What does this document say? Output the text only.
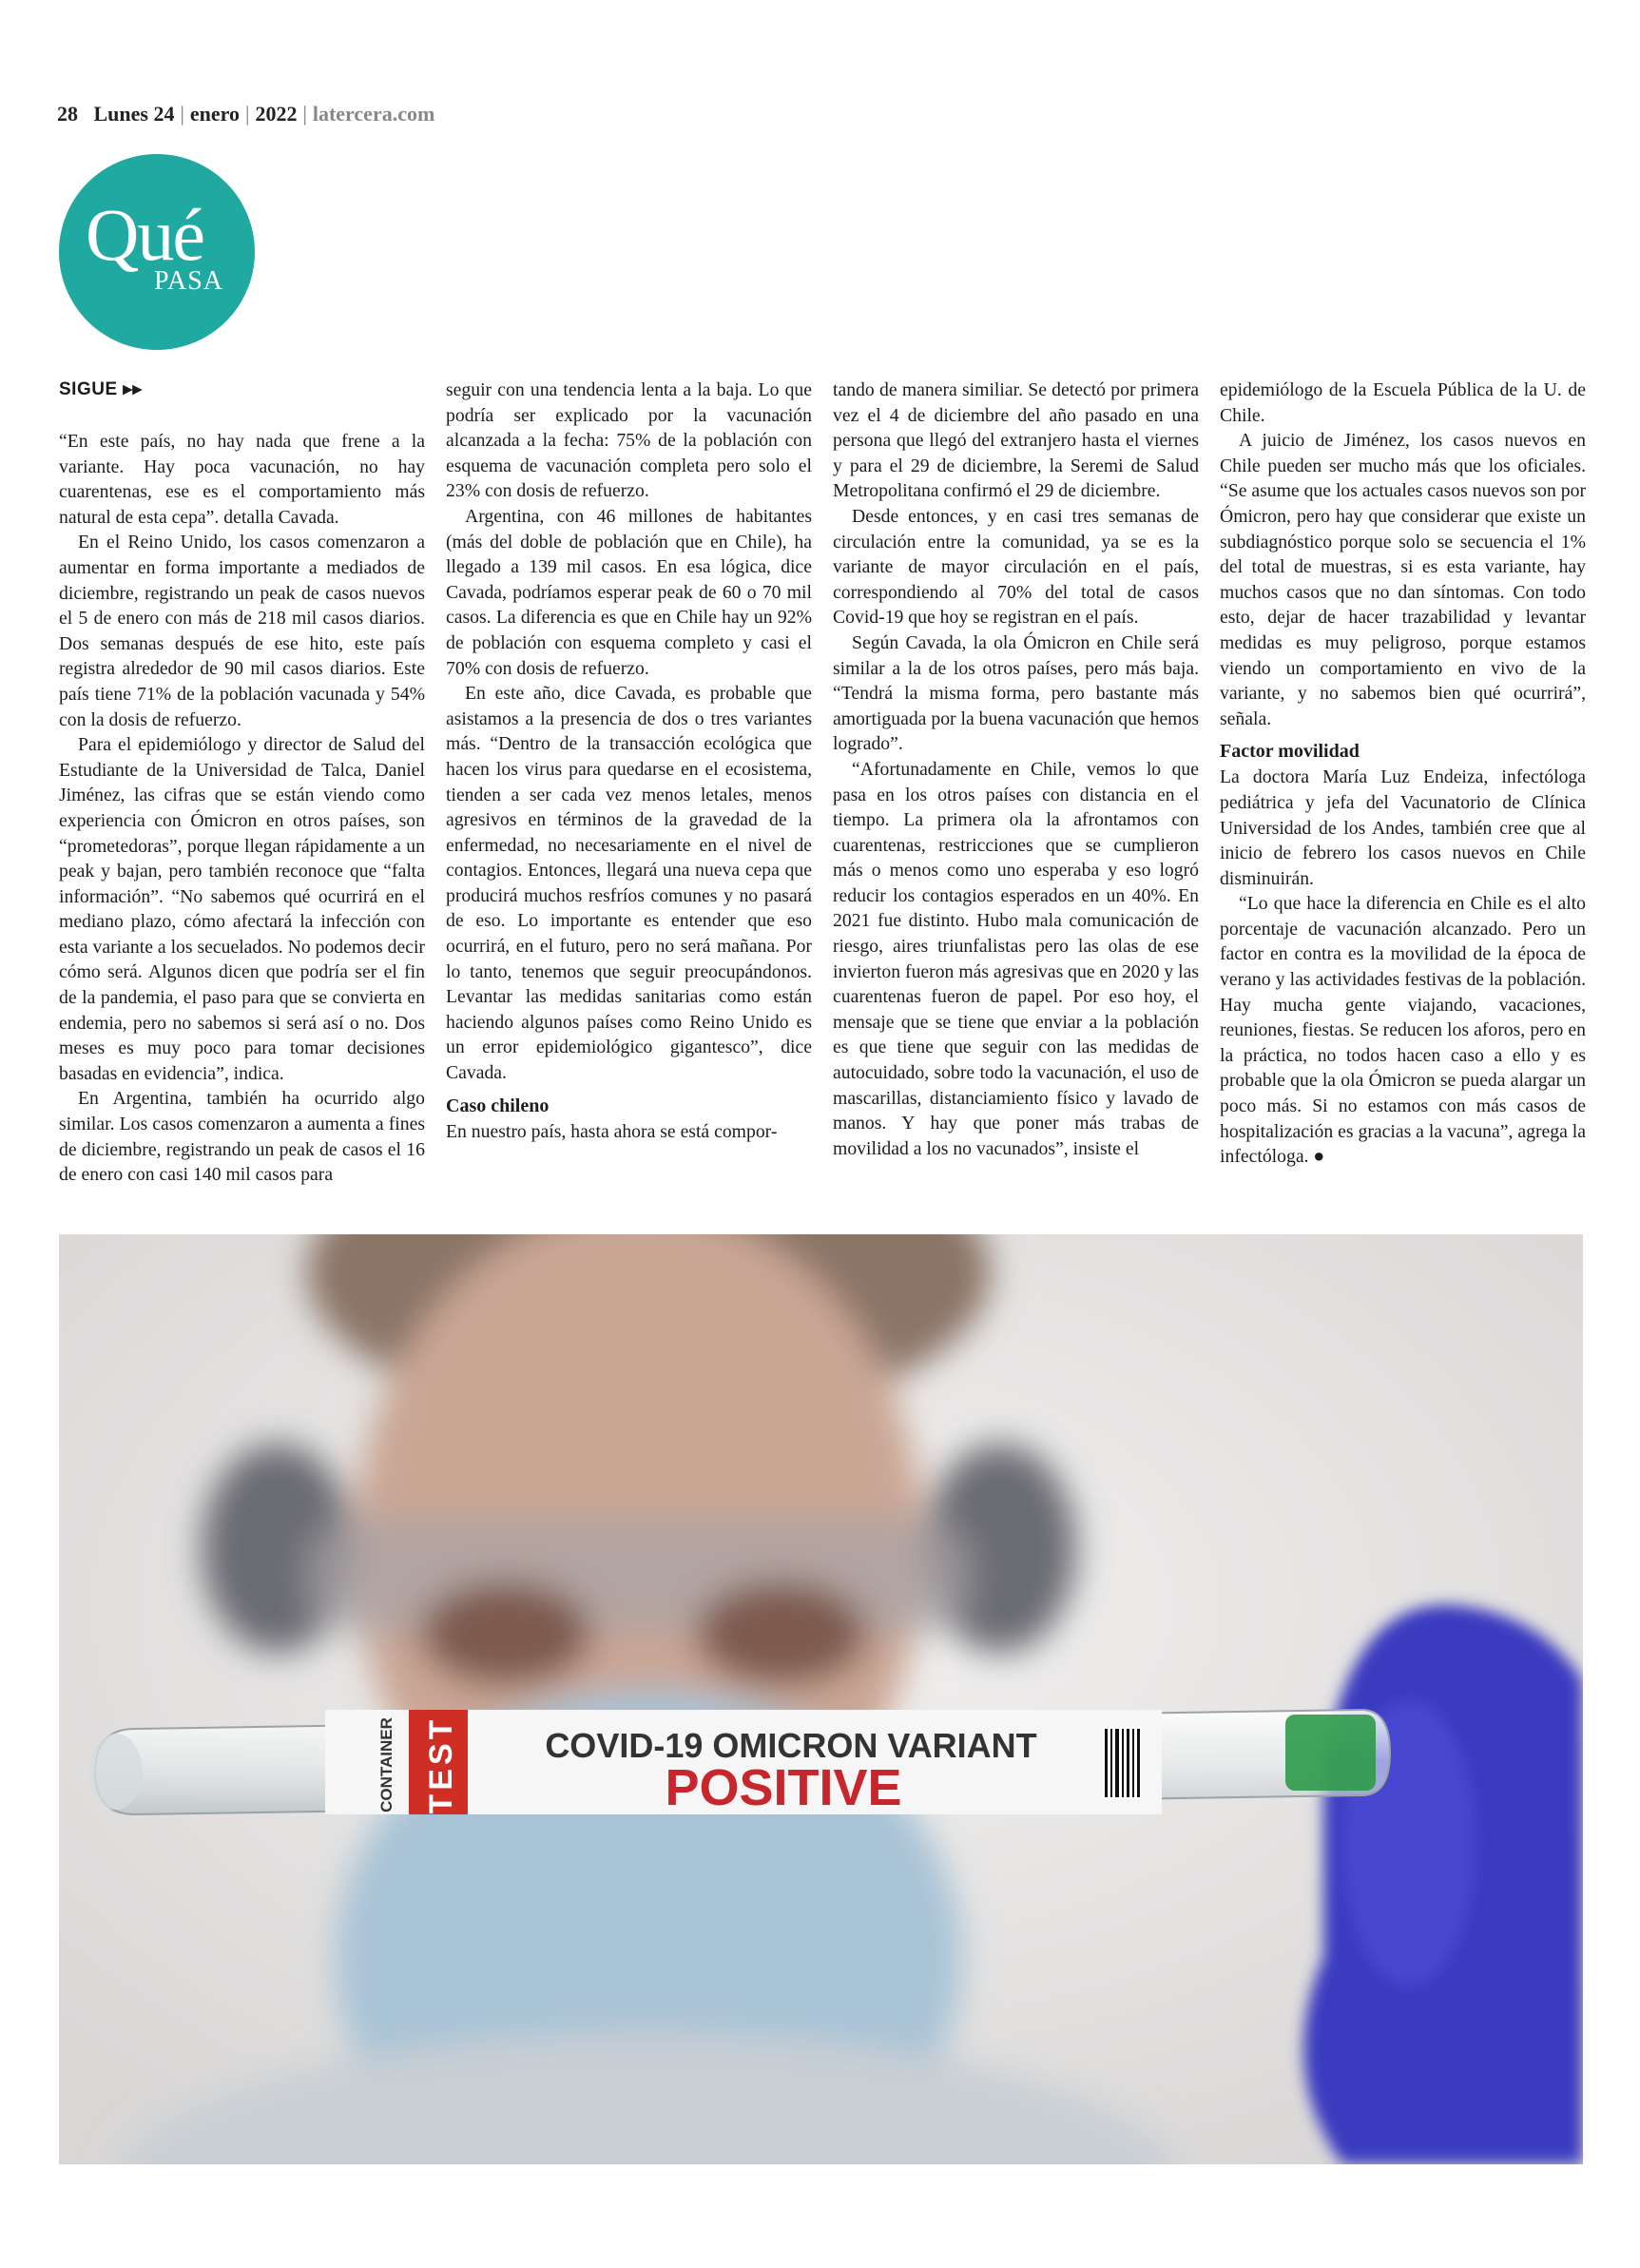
28 Lunes 24 | enero | 2022 | latercera.com
Qué
PASA
SIGUE ▸▸

“En este país, no hay nada que frene a la variante. Hay poca vacunación, no hay cuarentenas, ese es el comportamiento más natural de esta cepa”. detalla Cavada.

En el Reino Unido, los casos comenzaron a aumentar en forma importante a mediados de diciembre, registrando un peak de casos nuevos el 5 de enero con más de 218 mil casos diarios. Dos semanas después de ese hito, este país registra alrededor de 90 mil casos diarios. Este país tiene 71% de la población vacunada y 54% con la dosis de refuerzo.

Para el epidemiólogo y director de Salud del Estudiante de la Universidad de Talca, Daniel Jiménez, las cifras que se están viendo como experiencia con Ómicron en otros países, son “prometedoras”, porque llegan rápidamente a un peak y bajan, pero también reconoce que “falta información”. “No sabemos qué ocurrirá en el mediano plazo, cómo afectará la infección con esta variante a los secuelados. No podemos decir cómo será. Algunos dicen que podría ser el fin de la pandemia, el paso para que se convierta en endemia, pero no sabemos si será así o no. Dos meses es muy poco para tomar decisiones basadas en evidencia”, indica.

En Argentina, también ha ocurrido algo similar. Los casos comenzaron a aumenta a fines de diciembre, registrando un peak de casos el 16 de enero con casi 140 mil casos para

seguir con una tendencia lenta a la baja. Lo que podría ser explicado por la vacunación alcanzada a la fecha: 75% de la población con esquema de vacunación completa pero solo el 23% con dosis de refuerzo.

Argentina, con 46 millones de habitantes (más del doble de población que en Chile), ha llegado a 139 mil casos. En esa lógica, dice Cavada, podríamos esperar peak de 60 o 70 mil casos. La diferencia es que en Chile hay un 92% de población con esquema completo y casi el 70% con dosis de refuerzo.

En este año, dice Cavada, es probable que asistamos a la presencia de dos o tres variantes más. “Dentro de la transacción ecológica que hacen los virus para quedarse en el ecosistema, tienden a ser cada vez menos letales, menos agresivos en términos de la gravedad de la enfermedad, no necesariamente en el nivel de contagios. Entonces, llegará una nueva cepa que producirá muchos resfríos comunes y no pasará de eso. Lo importante es entender que eso ocurrirá, en el futuro, pero no será mañana. Por lo tanto, tenemos que seguir preocupándonos. Levantar las medidas sanitarias como están haciendo algunos países como Reino Unido es un error epidemiológico gigantesco”, dice Cavada.

Caso chileno

En nuestro país, hasta ahora se está compor-

tando de manera similiar. Se detectó por primera vez el 4 de diciembre del año pasado en una persona que llegó del extranjero hasta el viernes y para el 29 de diciembre, la Seremi de Salud Metropolitana confirmó el 29 de diciembre.

Desde entonces, y en casi tres semanas de circulación entre la comunidad, ya se es la variante de mayor circulación en el país, correspondiendo al 70% del total de casos Covid-19 que hoy se registran en el país.

Según Cavada, la ola Ómicron en Chile será similar a la de los otros países, pero más baja. “Tendrá la misma forma, pero bastante más amortiguada por la buena vacunación que hemos logrado”.

“Afortunadamente en Chile, vemos lo que pasa en los otros países con distancia en el tiempo. La primera ola la afrontamos con cuarentenas, restricciones que se cumplieron más o menos como uno esperaba y eso logró reducir los contagios esperados en un 40%. En 2021 fue distinto. Hubo mala comunicación de riesgo, aires triunfalistas pero las olas de ese invierton fueron más agresivas que en 2020 y las cuarentenas fueron de papel. Por eso hoy, el mensaje que se tiene que enviar a la población es que tiene que seguir con las medidas de autocuidado, sobre todo la vacunación, el uso de mascarillas, distanciamiento físico y lavado de manos. Y hay que poner más trabas de movilidad a los no vacunados”, insiste el

epidemiólogo de la Escuela Pública de la U. de Chile.

A juicio de Jiménez, los casos nuevos en Chile pueden ser mucho más que los oficiales. “Se asume que los actuales casos nuevos son por Ómicron, pero hay que considerar que existe un subdiagnóstico porque solo se secuencia el 1% del total de muestras, si es esta variante, hay muchos casos que no dan síntomas. Con todo esto, dejar de hacer trazabilidad y levantar medidas es muy peligroso, porque estamos viendo un comportamiento en vivo de la variante, y no sabemos bien qué ocurrirá”, señala.

Factor movilidad

La doctora María Luz Endeiza, infectóloga pediátrica y jefa del Vacunatorio de Clínica Universidad de los Andes, también cree que al inicio de febrero los casos nuevos en Chile disminuirán.

“Lo que hace la diferencia en Chile es el alto porcentaje de vacunación alcanzado. Pero un factor en contra es la movilidad de la época de verano y las actividades festivas de la población. Hay mucha gente viajando, vacaciones, reuniones, fiestas. Se reducen los aforos, pero en la práctica, no todos hacen caso a ello y es probable que la ola Ómicron se pueda alargar un poco más. Si no estamos con más casos de hospitalización es gracias a la vacuna”, agrega la infectóloga. ●

CONTAINER TEST	COVID-19 OMICRON VARIANT
POSITIVE
